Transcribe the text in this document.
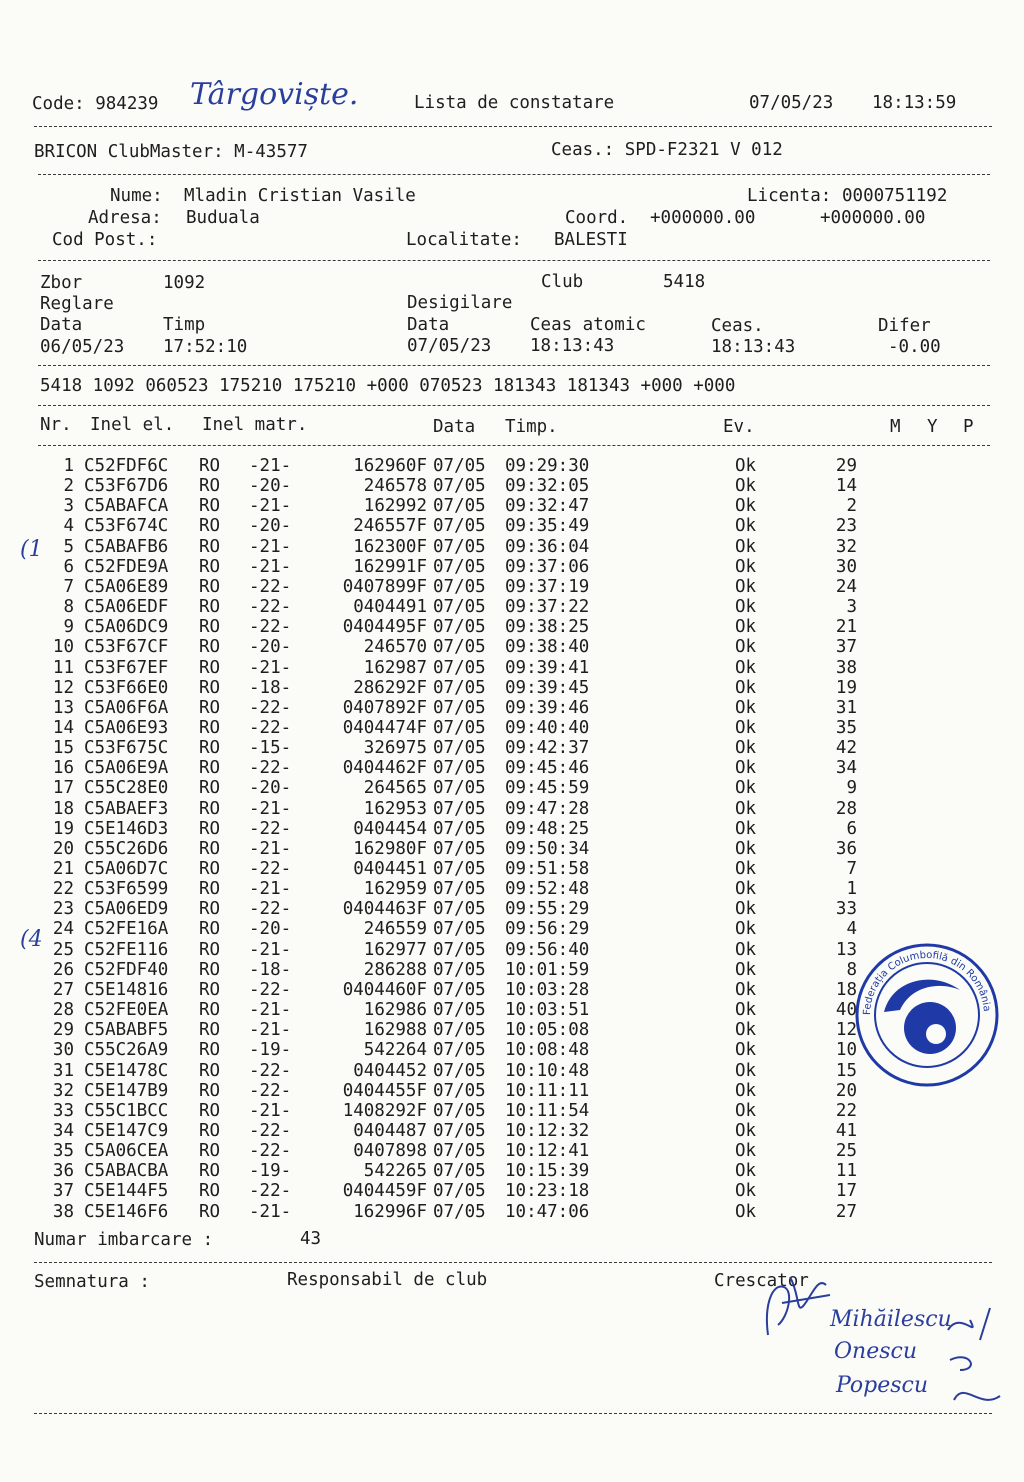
Code: 984239 Târgoviște.	Lista de constatare	07/05/23 18:13:59
BRICON ClubMaster: M-43577	Ceas.: SPD-F2321 V 012
Nume: Mladin Cristian Vasile	Licenta: 0000751192
Adresa: Buduala	Coord. +000000.00	+000000.00
Cod Post.:	Localitate: BALESTI
Zbor	1092	Club	5418
Reglare	Desigilare
Data	Timp	Data	Ceas atomic	Ceas.	Difer
06/05/23 17:52:10	07/05/23 18:13:43	18:13:43	-0.00
5418 1092 060523 175210 175210 +000 070523 181343 181343 +000 +000
Nr. Inel el. Inel matr.	Data Timp.	Ev.	M Y P
1 C52FDF6C RO -21-	162960F 07/05 09:29:30	Ok	29
2 C53F67D6 RO -20-	246578 07/05 09:32:05	Ok	14
3 C5ABAFCA RO -21-	162992 07/05 09:32:47	Ok	2
4 C53F674C RO -20-	246557F 07/05 09:35:49	Ok	23
5 C5ABAFB6 RO -21-	162300F 07/05 09:36:04	Ok	32
6 C52FDE9A RO -21-	162991F 07/05 09:37:06	Ok	30
7 C5A06E89 RO -22-	0407899F 07/05 09:37:19	Ok	24
8 C5A06EDF RO -22-	0404491 07/05 09:37:22	Ok	3
9 C5A06DC9 RO -22-	0404495F 07/05 09:38:25	Ok	21
10 C53F67CF RO -20-	246570 07/05 09:38:40	Ok	37
11 C53F67EF RO -21-	162987 07/05 09:39:41	Ok	38
12 C53F66E0 RO -18-	286292F 07/05 09:39:45	Ok	19
13 C5A06F6A RO -22-	0407892F 07/05 09:39:46	Ok	31
14 C5A06E93 RO -22-	0404474F 07/05 09:40:40	Ok	35
15 C53F675C RO -15-	326975 07/05 09:42:37	Ok	42
16 C5A06E9A RO -22-	0404462F 07/05 09:45:46	Ok	34
17 C55C28E0 RO -20-	264565 07/05 09:45:59	Ok	9
18 C5ABAEF3 RO -21-	162953 07/05 09:47:28	Ok	28
19 C5E146D3 RO -22-	0404454 07/05 09:48:25	Ok	6
20 C55C26D6 RO -21-	162980F 07/05 09:50:34	Ok	36
21 C5A06D7C RO -22-	0404451 07/05 09:51:58	Ok	7
22 C53F6599 RO -21-	162959 07/05 09:52:48	Ok	1
23 C5A06ED9 RO -22-	0404463F 07/05 09:55:29	Ok	33
24 C52FE16A RO -20-	246559 07/05 09:56:29	Ok	4
25 C52FE116 RO -21-	162977 07/05 09:56:40	Ok	13
26 C52FDF40 RO -18-	286288 07/05 10:01:59	Ok	8
27 C5E14816 RO -22-	0404460F 07/05 10:03:28	Ok	18
28 C52FE0EA RO -21-	162986 07/05 10:03:51	Ok	40
29 C5ABABF5 RO -21-	162988 07/05 10:05:08	Ok	12
30 C55C26A9 RO -19-	542264 07/05 10:08:48	Ok	10
31 C5E1478C RO -22-	0404452 07/05 10:10:48	Ok	15
32 C5E147B9 RO -22-	0404455F 07/05 10:11:11	Ok	20
33 C55C1BCC RO -21-	1408292F 07/05 10:11:54	Ok	22
34 C5E147C9 RO -22-	0404487 07/05 10:12:32	Ok	41
35 C5A06CEA RO -22-	0407898 07/05 10:12:41	Ok	25
36 C5ABACBA RO -19-	542265 07/05 10:15:39	Ok	11
37 C5E144F5 RO -22-	0404459F 07/05 10:23:18	Ok	17
38 C5E146F6 RO -21-	162996F 07/05 10:47:06	Ok	27
(1
(4
Numar imbarcare :	43
Semnatura :	Responsabil de club	Crescator
Mihăilescu
Onescu
Popescu
Federația Columbofilă din România
